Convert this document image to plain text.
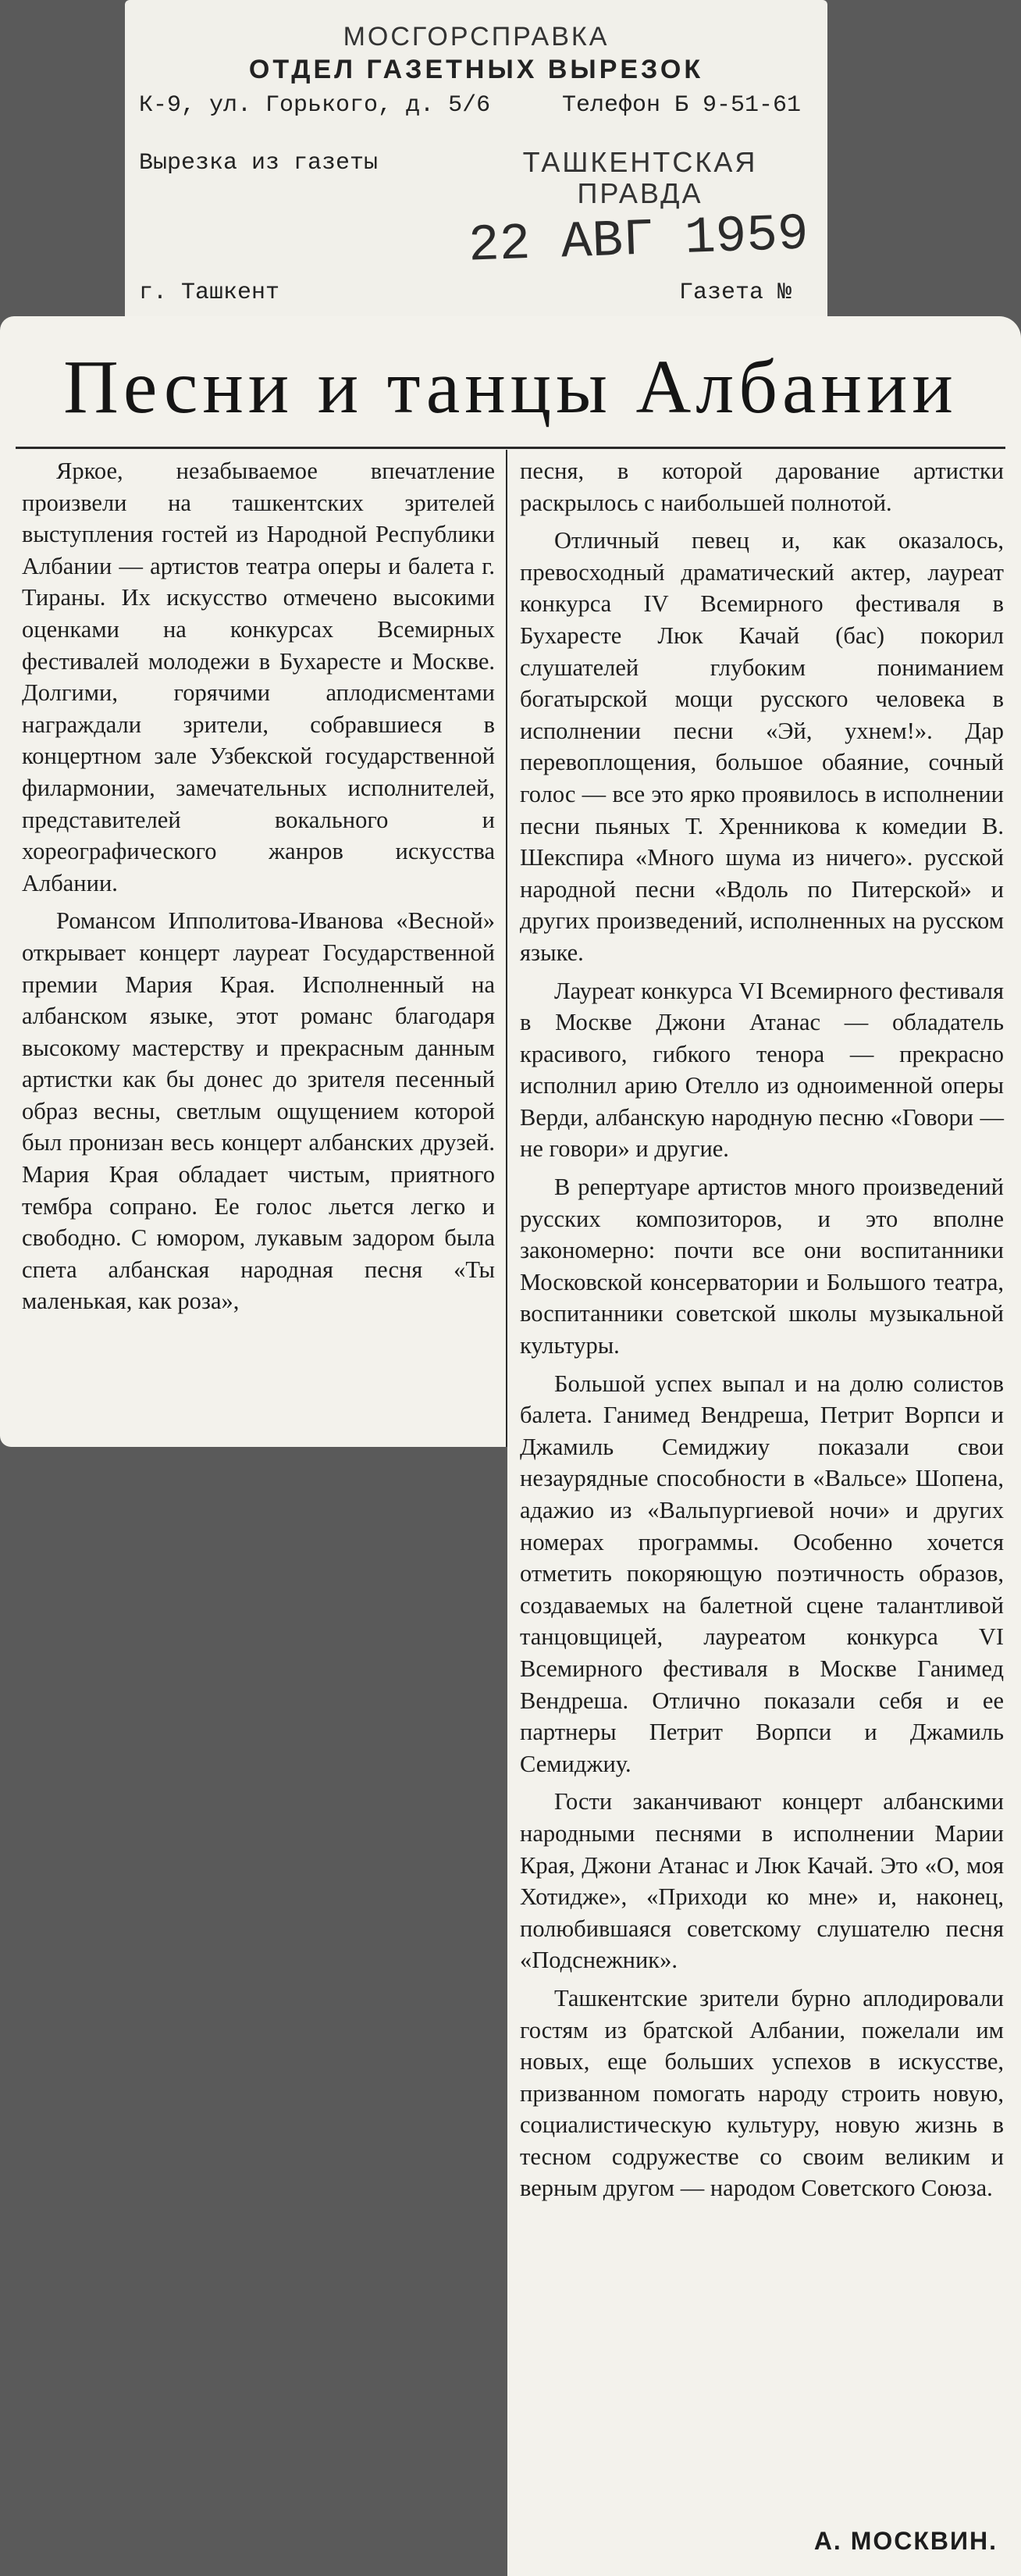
МОСГОРСПРАВКА
ОТДЕЛ ГАЗЕТНЫХ ВЫРЕЗОК
К-9, ул. Горького, д. 5/6	Телефон Б 9-51-61
Вырезка из газеты	ТАШКЕНТСКАЯ ПРАВДА
22 АВГ 1959
г. Ташкент	Газета №
Песни и танцы Албании

Яркое, незабываемое впечатление произвели на ташкентских зрителей выступления гостей из Народной Республики Албании — артистов театра оперы и балета г. Тираны. Их искусство отмечено высокими оценками на конкурсах Всемирных фестивалей молодежи в Бухаресте и Москве. Долгими, горячими аплодисментами награждали зрители, собравшиеся в концертном зале Узбекской государственной филармонии, замечательных исполнителей, представителей вокального и хореографического жанров искусства Албании.

Романсом Ипполитова-Иванова «Весной» открывает концерт лауреат Государственной премии Мария Края. Исполненный на албанском языке, этот романс благодаря высокому мастерству и прекрасным данным артистки как бы донес до зрителя песенный образ весны, светлым ощущением которой был пронизан весь концерт албанских друзей. Мария Края обладает чистым, приятного тембра сопрано. Ее голос льется легко и свободно. С юмором, лукавым задором была спета албанская народная песня «Ты маленькая, как роза»,

песня, в которой дарование артистки раскрылось с наибольшей полнотой.

Отличный певец и, как оказалось, превосходный драматический актер, лауреат конкурса IV Всемирного фестиваля в Бухаресте Люк Качай (бас) покорил слушателей глубоким пониманием богатырской мощи русского человека в исполнении песни «Эй, ухнем!». Дар перевоплощения, большое обаяние, сочный голос — все это ярко проявилось в исполнении песни пьяных Т. Хренникова к комедии В. Шекспира «Много шума из ничего». русской народной песни «Вдоль по Питерской» и других произведений, исполненных на русском языке.

Лауреат конкурса VI Всемирного фестиваля в Москве Джони Атанас — обладатель красивого, гибкого тенора — прекрасно исполнил арию Отелло из одноименной оперы Верди, албанскую народную песню «Говори — не говори» и другие.

В репертуаре артистов много произведений русских композиторов, и это вполне закономерно: почти все они воспитанники Московской консерватории и Большого театра, воспитанники советской школы музыкальной культуры.

Большой успех выпал и на долю солистов балета. Ганимед Вендреша, Петрит Ворпси и Джамиль Семиджиу показали свои незаурядные способности в «Вальсе» Шопена, адажио из «Вальпургиевой ночи» и других номерах программы. Особенно хочется отметить покоряющую поэтичность образов, создаваемых на балетной сцене талантливой танцовщицей, лауреатом конкурса VI Всемирного фестиваля в Москве Ганимед Вендреша. Отлично показали себя и ее партнеры Петрит Ворпси и Джамиль Семиджиу.

Гости заканчивают концерт албанскими народными песнями в исполнении Марии Края, Джони Атанас и Люк Качай. Это «О, моя Хотидже», «Приходи ко мне» и, наконец, полюбившаяся советскому слушателю песня «Подснежник».

Ташкентские зрители бурно аплодировали гостям из братской Албании, пожелали им новых, еще больших успехов в искусстве, призванном помогать народу строить новую, социалистическую культуру, новую жизнь в тесном содружестве со своим великим и верным другом — народом Советского Союза.

А. МОСКВИН.
